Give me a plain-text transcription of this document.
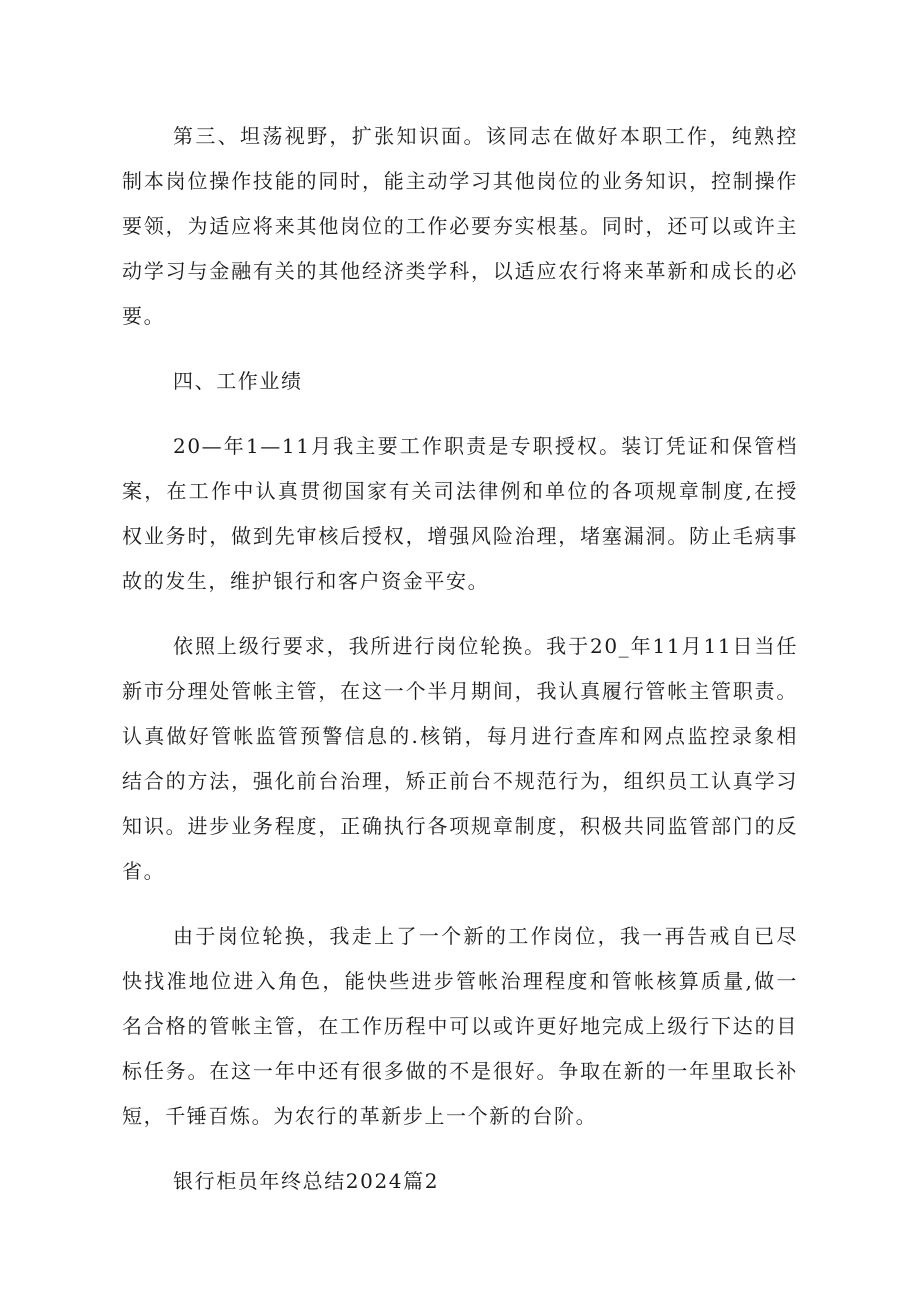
第三、坦荡视野，扩张知识面。该同志在做好本职工作，纯熟控制本岗位操作技能的同时，能主动学习其他岗位的业务知识，控制操作要领，为适应将来其他岗位的工作必要夯实根基。同时，还可以或许主动学习与金融有关的其他经济类学科，以适应农行将来革新和成长的必要。

四、工作业绩

20—年1—11月我主要工作职责是专职授权。装订凭证和保管档案，在工作中认真贯彻国家有关司法律例和单位的各项规章制度,在授权业务时，做到先审核后授权，增强风险治理，堵塞漏洞。防止毛病事故的发生，维护银行和客户资金平安。

依照上级行要求，我所进行岗位轮换。我于20_年11月11日当任新市分理处管帐主管，在这一个半月期间，我认真履行管帐主管职责。认真做好管帐监管预警信息的.核销，每月进行查库和网点监控录象相结合的方法，强化前台治理，矫正前台不规范行为，组织员工认真学习知识。进步业务程度，正确执行各项规章制度，积极共同监管部门的反省。

由于岗位轮换，我走上了一个新的工作岗位，我一再告戒自已尽快找准地位进入角色，能快些进步管帐治理程度和管帐核算质量,做一名合格的管帐主管，在工作历程中可以或许更好地完成上级行下达的目标任务。在这一年中还有很多做的不是很好。争取在新的一年里取长补短，千锤百炼。为农行的革新步上一个新的台阶。

银行柜员年终总结2024篇2
